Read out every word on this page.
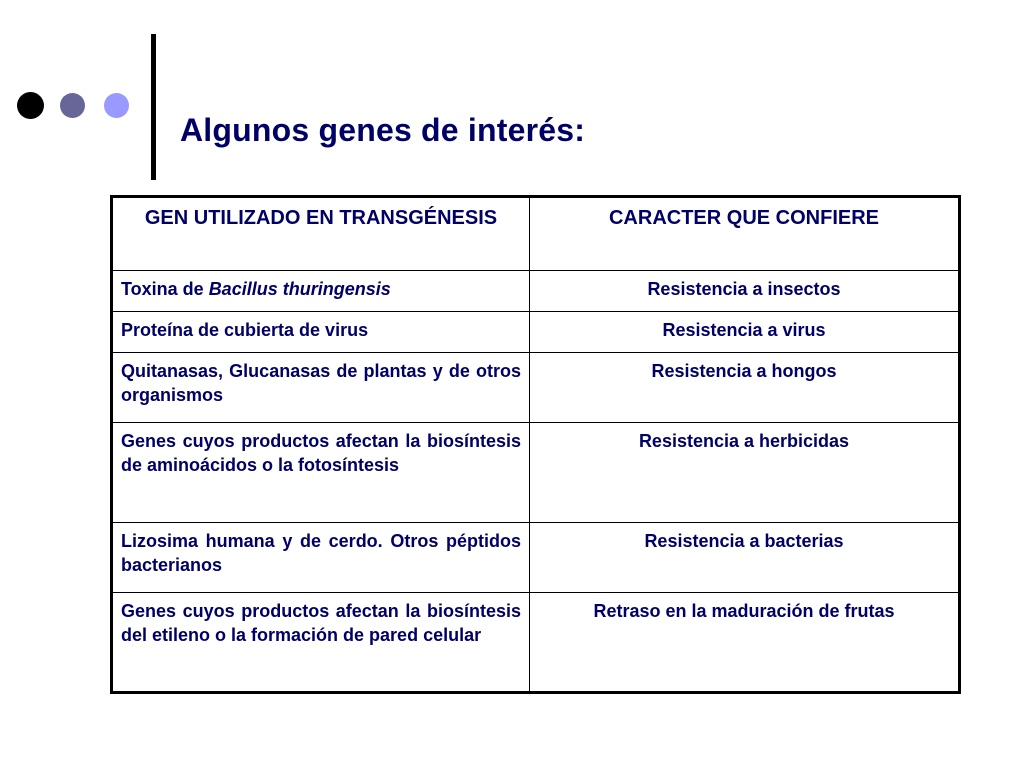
Algunos genes de interés:
GEN UTILIZADO EN TRANSGÉNESIS	CARACTER QUE CONFIERE
Toxina de Bacillus thuringensis	Resistencia a insectos
Proteína de cubierta de virus	Resistencia a virus
Quitanasas, Glucanasas de plantas y de otros organismos	Resistencia a hongos
Genes cuyos productos afectan la biosíntesis de aminoácidos o la fotosíntesis	Resistencia a herbicidas
Lizosima humana y de cerdo. Otros péptidos bacterianos	Resistencia a bacterias
Genes cuyos productos afectan la biosíntesis del etileno o la formación de pared celular	Retraso en la maduración de frutas
